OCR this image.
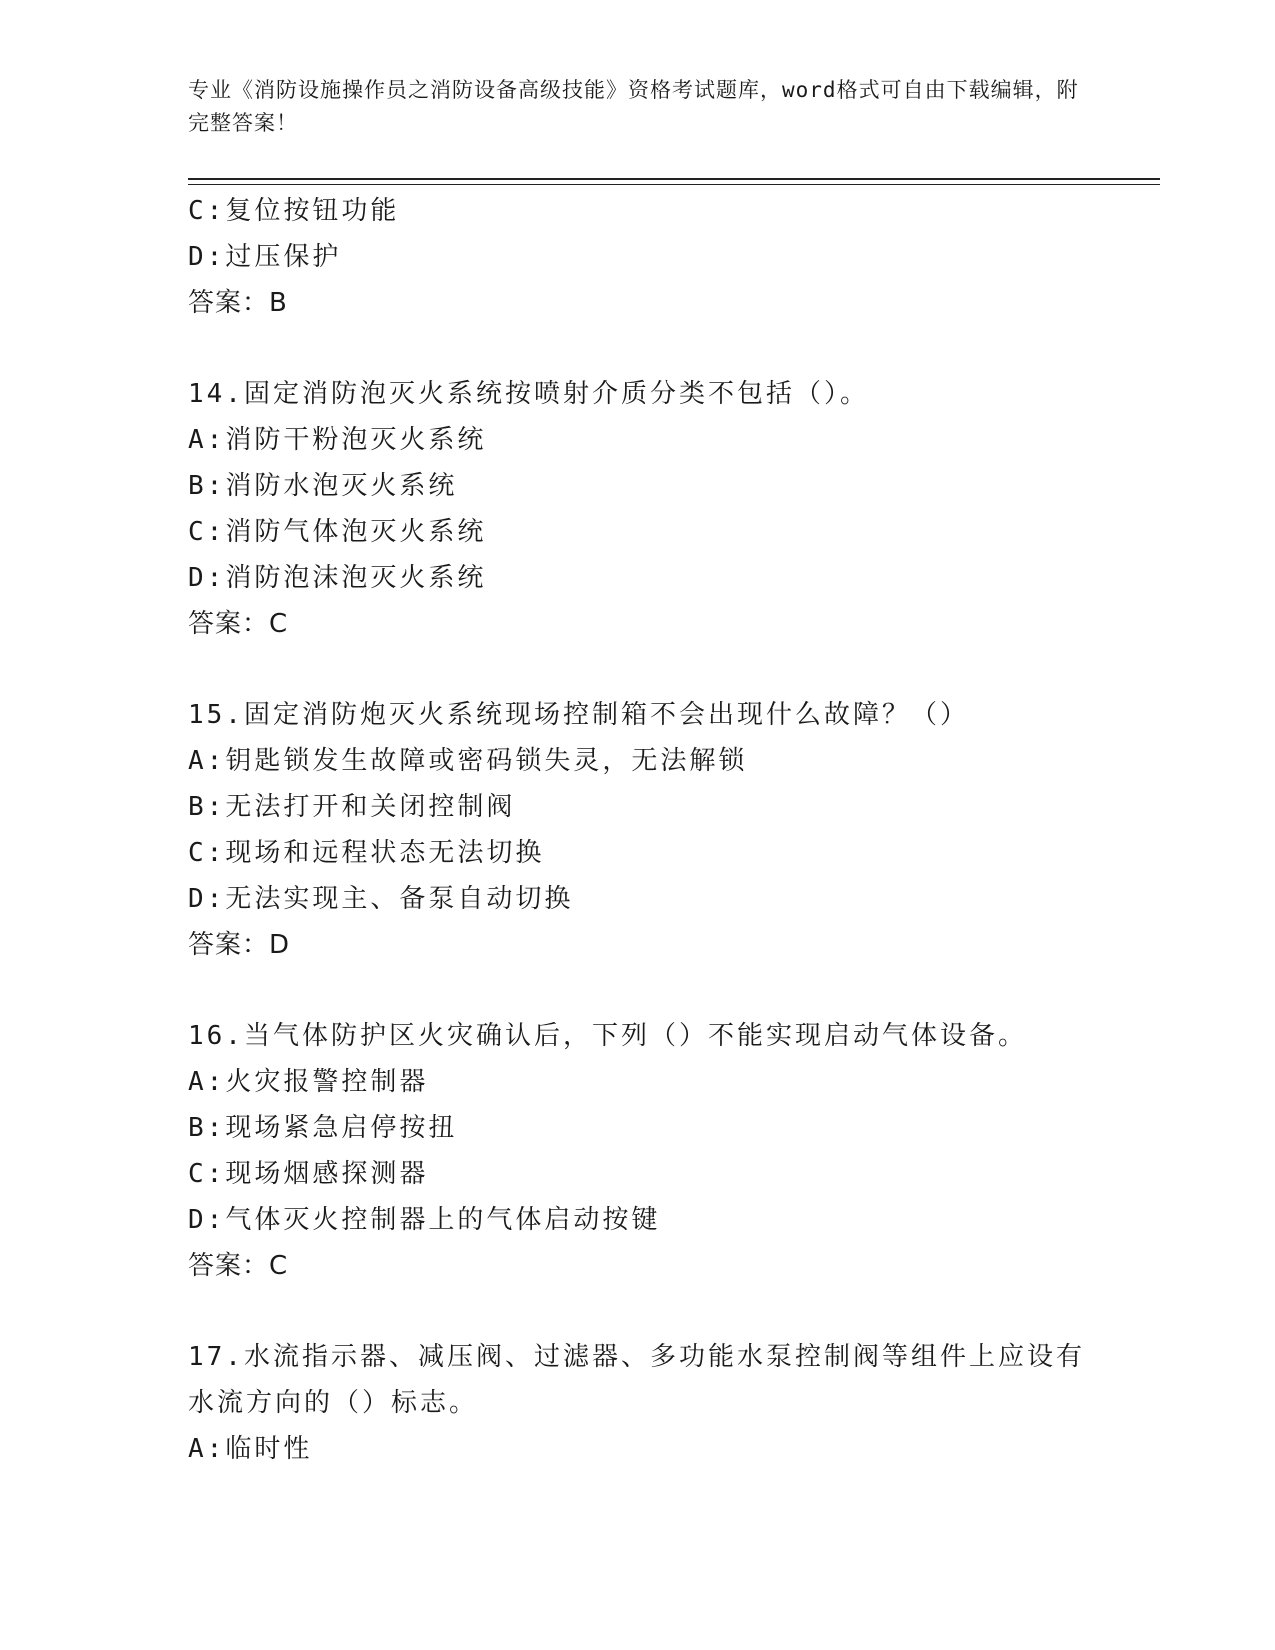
专业《消防设施操作员之消防设备高级技能》资格考试题库，word格式可自由下载编辑，附完整答案！
C:复位按钮功能
D:过压保护
答案：B
14.固定消防泡灭火系统按喷射介质分类不包括（）。
A:消防干粉泡灭火系统
B:消防水泡灭火系统
C:消防气体泡灭火系统
D:消防泡沫泡灭火系统
答案：C
15.固定消防炮灭火系统现场控制箱不会出现什么故障？（）
A:钥匙锁发生故障或密码锁失灵，无法解锁
B:无法打开和关闭控制阀
C:现场和远程状态无法切换
D:无法实现主、备泵自动切换
答案：D
16.当气体防护区火灾确认后，下列（）不能实现启动气体设备。
A:火灾报警控制器
B:现场紧急启停按扭
C:现场烟感探测器
D:气体灭火控制器上的气体启动按键
答案：C
17.水流指示器、减压阀、过滤器、多功能水泵控制阀等组件上应设有
水流方向的（）标志。
A:临时性
